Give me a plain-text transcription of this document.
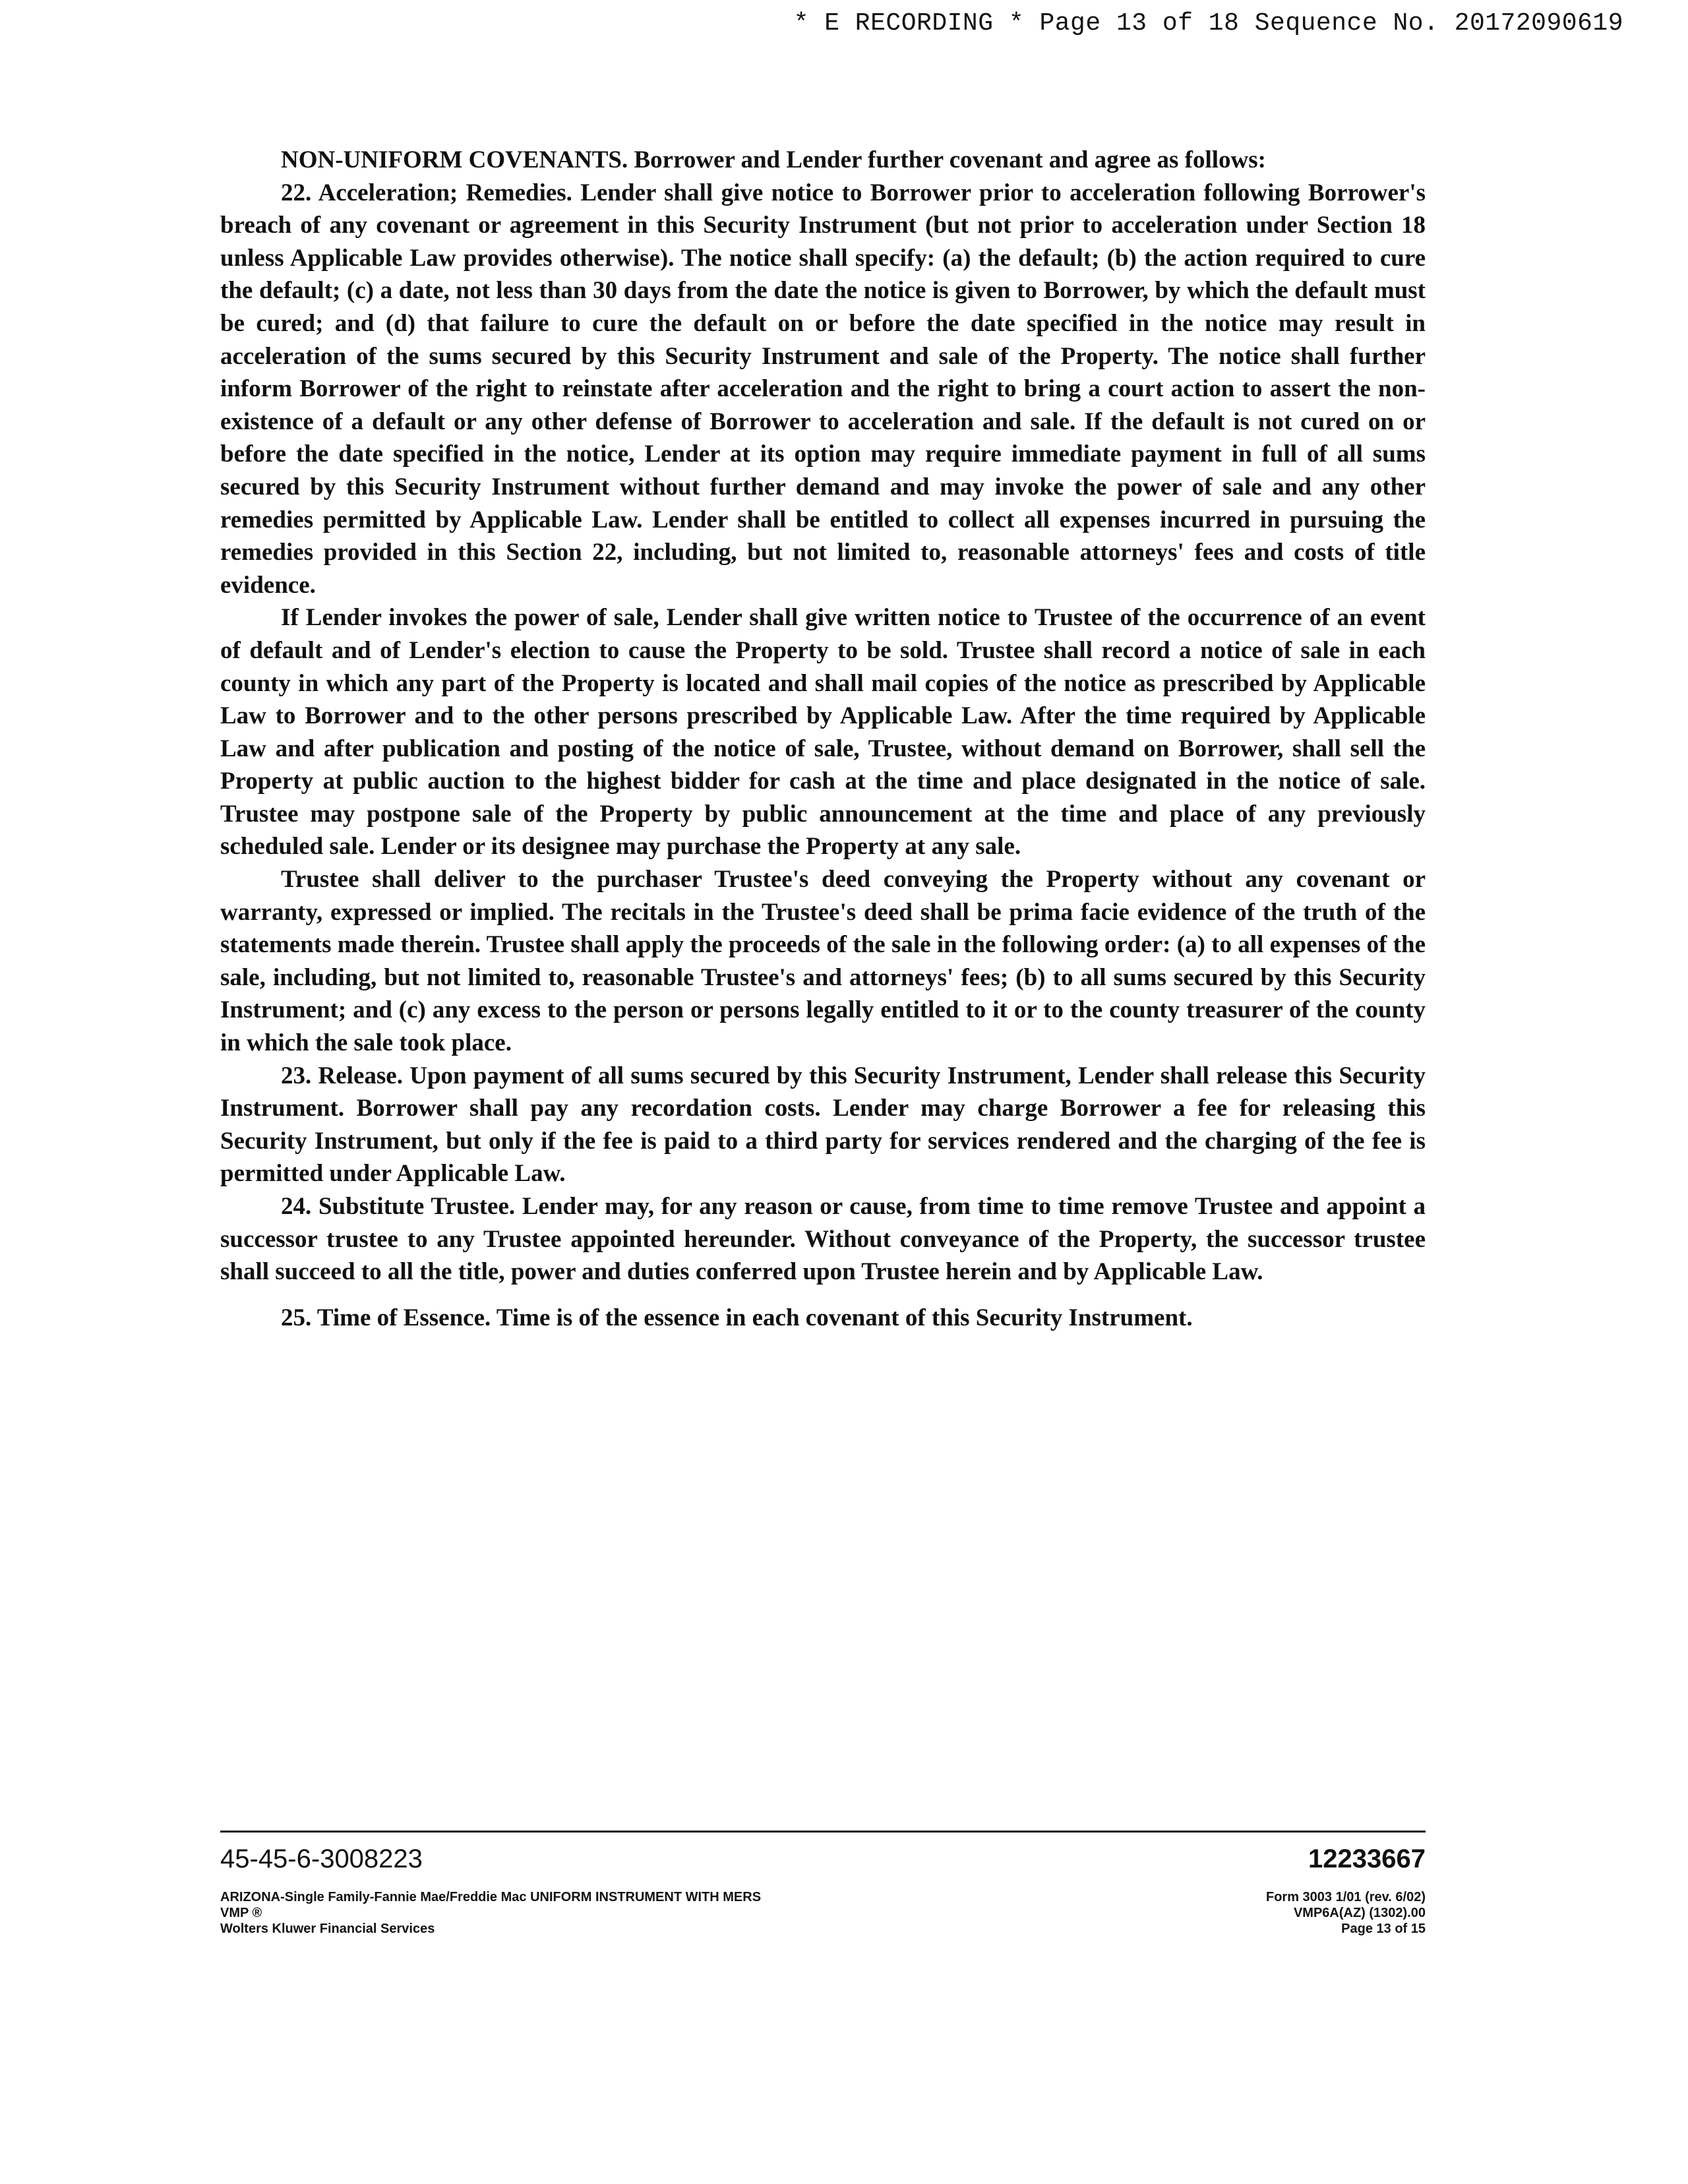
* E RECORDING * Page 13 of 18 Sequence No. 20172090619

NON-UNIFORM COVENANTS. Borrower and Lender further covenant and agree as follows:

22. Acceleration; Remedies. Lender shall give notice to Borrower prior to acceleration following Borrower's breach of any covenant or agreement in this Security Instrument (but not prior to acceleration under Section 18 unless Applicable Law provides otherwise). The notice shall specify: (a) the default; (b) the action required to cure the default; (c) a date, not less than 30 days from the date the notice is given to Borrower, by which the default must be cured; and (d) that failure to cure the default on or before the date specified in the notice may result in acceleration of the sums secured by this Security Instrument and sale of the Property. The notice shall further inform Borrower of the right to reinstate after acceleration and the right to bring a court action to assert the non-existence of a default or any other defense of Borrower to acceleration and sale. If the default is not cured on or before the date specified in the notice, Lender at its option may require immediate payment in full of all sums secured by this Security Instrument without further demand and may invoke the power of sale and any other remedies permitted by Applicable Law. Lender shall be entitled to collect all expenses incurred in pursuing the remedies provided in this Section 22, including, but not limited to, reasonable attorneys' fees and costs of title evidence.

If Lender invokes the power of sale, Lender shall give written notice to Trustee of the occurrence of an event of default and of Lender's election to cause the Property to be sold. Trustee shall record a notice of sale in each county in which any part of the Property is located and shall mail copies of the notice as prescribed by Applicable Law to Borrower and to the other persons prescribed by Applicable Law. After the time required by Applicable Law and after publication and posting of the notice of sale, Trustee, without demand on Borrower, shall sell the Property at public auction to the highest bidder for cash at the time and place designated in the notice of sale. Trustee may postpone sale of the Property by public announcement at the time and place of any previously scheduled sale. Lender or its designee may purchase the Property at any sale.

Trustee shall deliver to the purchaser Trustee's deed conveying the Property without any covenant or warranty, expressed or implied. The recitals in the Trustee's deed shall be prima facie evidence of the truth of the statements made therein. Trustee shall apply the proceeds of the sale in the following order: (a) to all expenses of the sale, including, but not limited to, reasonable Trustee's and attorneys' fees; (b) to all sums secured by this Security Instrument; and (c) any excess to the person or persons legally entitled to it or to the county treasurer of the county in which the sale took place.

23. Release. Upon payment of all sums secured by this Security Instrument, Lender shall release this Security Instrument. Borrower shall pay any recordation costs. Lender may charge Borrower a fee for releasing this Security Instrument, but only if the fee is paid to a third party for services rendered and the charging of the fee is permitted under Applicable Law.

24. Substitute Trustee. Lender may, for any reason or cause, from time to time remove Trustee and appoint a successor trustee to any Trustee appointed hereunder. Without conveyance of the Property, the successor trustee shall succeed to all the title, power and duties conferred upon Trustee herein and by Applicable Law.

25. Time of Essence. Time is of the essence in each covenant of this Security Instrument.

45-45-6-3008223	12233667
ARIZONA-Single Family-Fannie Mae/Freddie Mac UNIFORM INSTRUMENT WITH MERS
VMP ®
Wolters Kluwer Financial Services
Form 3003 1/01 (rev. 6/02)
VMP6A(AZ) (1302).00
Page 13 of 15
